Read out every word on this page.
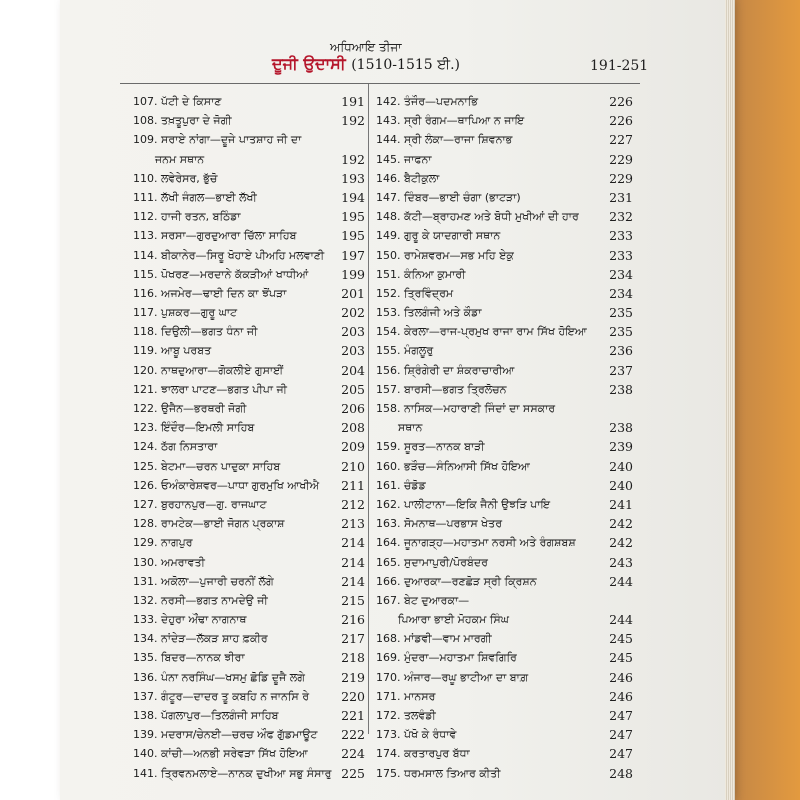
ਅਧਿਆਇ ਤੀਜਾ
ਦੂਜੀ ਉਦਾਸੀ (1510-1515 ਈ.)	191-251
107. ਪੱਟੀ ਦੇ ਕਿਸਾਣ	191
108. ਤਖ਼ਤੂਪੁਰਾ ਦੇ ਜੋਗੀ	192
109. ਸਰਾਏ ਨਾਂਗਾ—ਦੂਜੇ ਪਾਤਸ਼ਾਹ ਜੀ ਦਾ
ਜਨਮ ਸਥਾਨ	192
110. ਲਵੇਰੇਸਰ, ਭੁੱਚੋ	193
111. ਲੱਖੀ ਜੰਗਲ—ਭਾਈ ਲੱਖੀ	194
112. ਹਾਜੀ ਰਤਨ, ਬਠਿੰਡਾ	195
113. ਸਰਸਾ—ਗੁਰਦੁਆਰਾ ਚਿੱਲਾ ਸਾਹਿਬ	195
114. ਬੀਕਾਨੇਰ—ਸਿਰੂ ਖੋਹਾਏ ਪੀਅਹਿ ਮਲਵਾਣੀ 197
115. ਪੋਖਰਣ—ਮਰਦਾਨੇ ਕੱਕੜੀਆਂ ਖਾਧੀਆਂ	199
116. ਅਜਮੇਰ—ਢਾਈ ਦਿਨ ਕਾ ਝੋਂਪੜਾ	201
117. ਪੁਸ਼ਕਰ—ਗੁਰੂ ਘਾਟ	202
118. ਦਿਉਲੀ—ਭਗਤ ਧੰਨਾ ਜੀ	203
119. ਆਬੂ ਪਰਬਤ	203
120. ਨਾਥਦੁਆਰਾ—ਗੋਕਲੀਏ ਗੁਸਾਈਂ	204
121. ਝਾਲਰਾ ਪਾਟਣ—ਭਗਤ ਪੀਪਾ ਜੀ	205
122. ਉਜੈਨ—ਭਰਥਰੀ ਜੋਗੀ	206
123. ਇੰਦੌਰ—ਇਮਲੀ ਸਾਹਿਬ	208
124. ਠੱਗ ਨਿਸਤਾਰਾ	209
125. ਬੇਟਮਾ—ਚਰਨ ਪਾਦੁਕਾ ਸਾਹਿਬ	210
126. ਓਅੰਕਾਰੇਸ਼ਵਰ—ਪਾਧਾ ਗੁਰਮੁਖਿ ਆਖੀਐ 211
127. ਬੁਰਹਾਨਪੁਰ—ਗੁ. ਰਾਜਘਾਟ	212
128. ਰਾਮਟੇਕ—ਭਾਈ ਜੋਗਨ ਪ੍ਰਕਾਸ਼	213
129. ਨਾਗਪੁਰ	214
130. ਅਮਰਾਵਤੀ	214
131. ਅਕੋਲਾ—ਪੁਜਾਰੀ ਚਰਨੀਂ ਲੱਗੇ	214
132. ਨਰਸੀ—ਭਗਤ ਨਾਮਦੇਉ ਜੀ	215
133. ਦੇਹੁਰਾ ਔਂਢਾ ਨਾਗਨਾਥ	216
134. ਨਾਂਦੇੜ—ਲੱਕੜ ਸ਼ਾਹ ਫ਼ਕੀਰ	217
135. ਬਿਦਰ—ਨਾਨਕ ਝੀਰਾ	218
136. ਪੰਨਾ ਨਰਸਿੰਘ—ਖਸਮੁ ਛੋਡਿ ਦੂਜੈ ਲਗੇ	219
137. ਗੰਟੂਰ—ਦਾਦਰ ਤੂ ਕਬਹਿ ਨ ਜਾਨਸਿ ਰੇ	220
138. ਪੱਗਲਾਪੁਰ—ਤਿਲਗੰਜੀ ਸਾਹਿਬ	221
139. ਮਦਰਾਸ/ਚੇਨਈ—ਚਰਚ ਔਫ ਗੁੱਡਮਾਊਟ 222
140. ਕਾਂਚੀ—ਅਨਭੀ ਸਰੇਵੜਾ ਸਿੱਖ ਹੋਇਆ	224
141. ਤ੍ਰਿਵਨਮਲਾਏ—ਨਾਨਕ ਦੁਖੀਆ ਸਭੁ ਸੰਸਾਰੁ 225
142. ਤੰਜੌਰ—ਪਦਮਨਾਭਿ	226
143. ਸ੍ਰੀ ਰੰਗਮ—ਥਾਪਿਆ ਨ ਜਾਇ	226
144. ਸ੍ਰੀ ਲੰਕਾ—ਰਾਜਾ ਸ਼ਿਵਨਾਭ	227
145. ਜਾਫਨਾ	229
146. ਬੈਟੀਕੁਲਾ	229
147. ਦਿੰਬਰ—ਭਾਈ ਚੰਗਾ (ਭਾਟੜਾ)	231
148. ਕੱਟੀ—ਬ੍ਰਾਹਮਣ ਅਤੇ ਬੋਧੀ ਮੁਖੀਆਂ ਦੀ ਹਾਰ 232
149. ਗੁਰੂ ਕੇ ਯਾਦਗਾਰੀ ਸਥਾਨ	233
150. ਰਾਮੇਸ਼ਵਰਮ—ਸਭ ਮਹਿ ਏਕੁ	233
151. ਕੰਨਿਆ ਕੁਮਾਰੀ	234
152. ਤ੍ਰਿਵਿੰਦ੍ਰਮ	234
153. ਤਿਲਗੰਜੀ ਅਤੇ ਕੌਡਾ	235
154. ਕੇਰਲਾ—ਰਾਜ-ਪ੍ਰਮੁਖ ਰਾਜਾ ਰਾਮ ਸਿੱਖ ਹੋਇਆ 235
155. ਮੰਗਲੂਰੁ	236
156. ਸ਼੍ਰਿੰਗੇਰੀ ਦਾ ਸ਼ੰਕਰਾਚਾਰੀਆ	237
157. ਬਾਰਸੀ—ਭਗਤ ਤ੍ਰਿਲੋਚਨ	238
158. ਨਾਸਿਕ—ਮਹਾਰਾਣੀ ਜਿੰਦਾਂ ਦਾ ਸਸਕਾਰ
ਸਥਾਨ	238
159. ਸੂਰਤ—ਨਾਨਕ ਬਾੜੀ	239
160. ਭੜੌਚ—ਸੰਨਿਆਸੀ ਸਿੱਖ ਹੋਇਆ	240
161. ਚੰਡੋਡ	240
162. ਪਾਲੀਟਾਨਾ—ਇਕਿ ਜੈਨੀ ਉਝੜਿ ਪਾਇ	241
163. ਸੋਮਨਾਥ—ਪਰਭਾਸ ਖੇਤਰ	242
164. ਜੂਨਾਗੜ੍ਹ—ਮਹਾਤਮਾ ਨਰਸੀ ਅਤੇ ਰੰਗਸ਼ਬਸ਼	242
165. ਸੁਦਾਮਾਪੁਰੀ/ਪੋਰਬੰਦਰ	243
166. ਦੁਆਰਕਾ—ਰਣਛੋੜ ਸ੍ਰੀ ਕ੍ਰਿਸ਼ਨ	244
167. ਬੇਟ ਦੁਆਰਕਾ—
ਪਿਆਰਾ ਭਾਈ ਮੋਹਕਮ ਸਿੰਘ	244
168. ਮਾਂਡਵੀ—ਵਾਮ ਮਾਰਗੀ	245
169. ਮੁੰਦਰਾ—ਮਹਾਤਮਾ ਸ਼ਿਵਗਿਰਿ	245
170. ਅੰਜਾਰ—ਰਘੂ ਭਾਟੀਆ ਦਾ ਬਾਗ਼	246
171. ਮਾਨਸਰ	246
172. ਤਲਵੰਡੀ	247
173. ਪੱਖੋ ਕੇ ਰੰਧਾਵੇ	247
174. ਕਰਤਾਰਪੁਰ ਬੱਧਾ	247
175. ਧਰਮਸਾਲ ਤਿਆਰ ਕੀਤੀ	248
